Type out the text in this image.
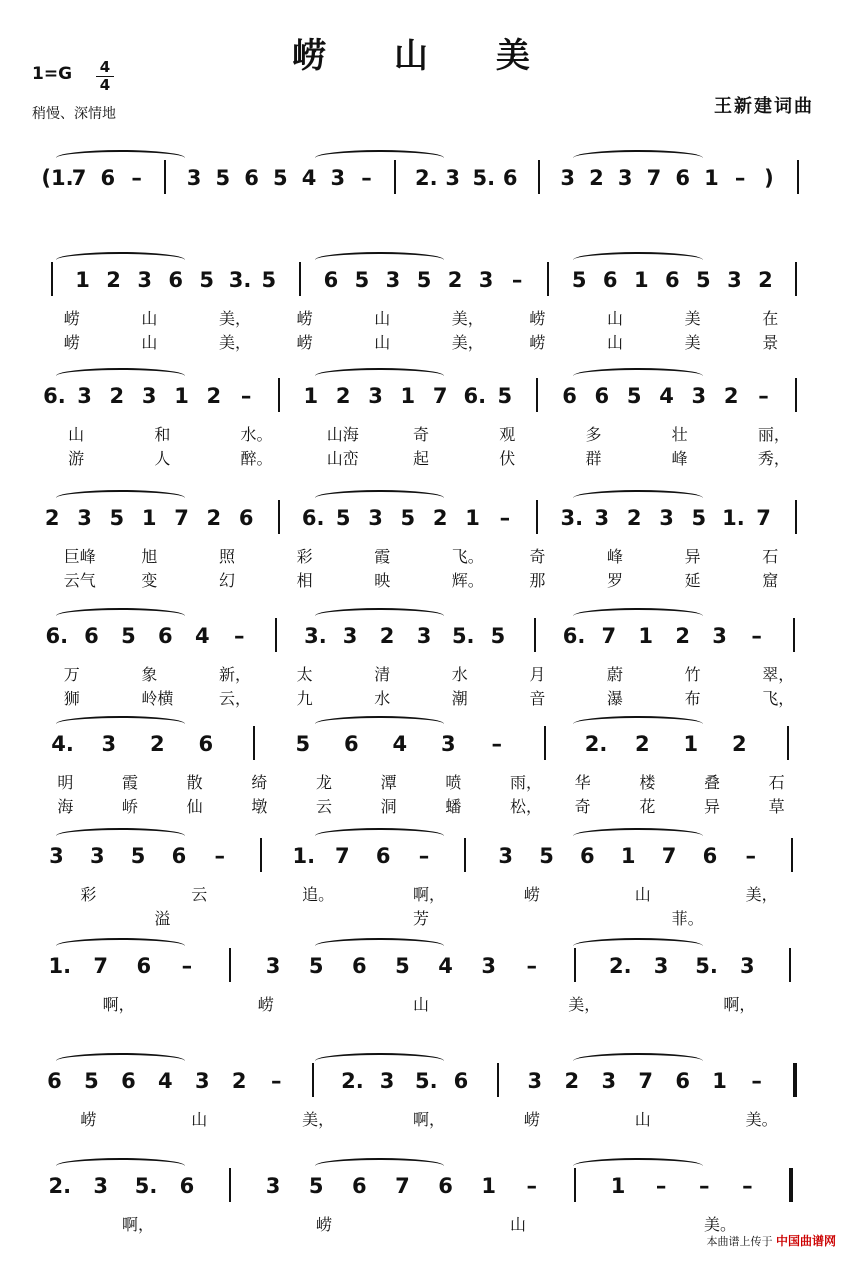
崂 山 美
1=G 4
4
稍慢、深情地	王新建词曲
(1.
7 6 – 3 5 6 5 4 3 – 2. 3 5. 6 3 2 3 7 6 1 – )
1 2 3 6 5 3. 5 6 5 3 5 2 3 – 5 6 1 6 5 3 2
崂	山	美，	崂	山	美，	崂	山	美	在
崂	山	美，	崂	山	美，	崂	山	美	景
6. 3 2 3 1 2 – 1 2 3 1 7 6. 5 6 6 5 4 3 2 –
山	和	水。	山海	奇	观	多	壮	丽，
游	人	醉。	山峦	起	伏	群	峰	秀，
2 3 5 1 7 2 6 6. 5 3 5 2 1 – 3. 3 2 3 5 1. 7
巨峰	旭	照	彩	霞	飞。	奇	峰	异	石
云气	变	幻	相	映	辉。	那	罗	延	窟
6. 6 5 6 4 –	3. 3 2 3 5. 5	6. 7 1 2 3 –
万	象	新，	太	清	水	月	蔚	竹	翠，
狮	岭横	云，	九	水	潮	音	瀑	布	飞，
4. 3 2 6	5 6 4 3 –	2. 2 1 2
明	霞	散	绮	龙	潭	喷	雨， 华	楼	叠	石
海	峤	仙	墩	云	洞	蟠	松， 奇	花	异	草
3 3 5 6 –	1. 7 6 –	3 5 6 1 7 6 –
彩	云	追。	啊，	崂	山	美，
溢	芳	菲。
1. 7 6 –	3 5 6 5 4 3 –	2. 3 5. 3
啊，	崂	山	美，	啊，
6 5 6 4 3 2 –	2. 3 5. 6	3 2 3 7 6 1 –
崂	山	美，	啊，	崂	山	美。
2. 3 5. 6	3 5 6 7 6 1 –	1 – – –
啊，	崂	山	美。
本曲谱上传于 中国曲谱网
